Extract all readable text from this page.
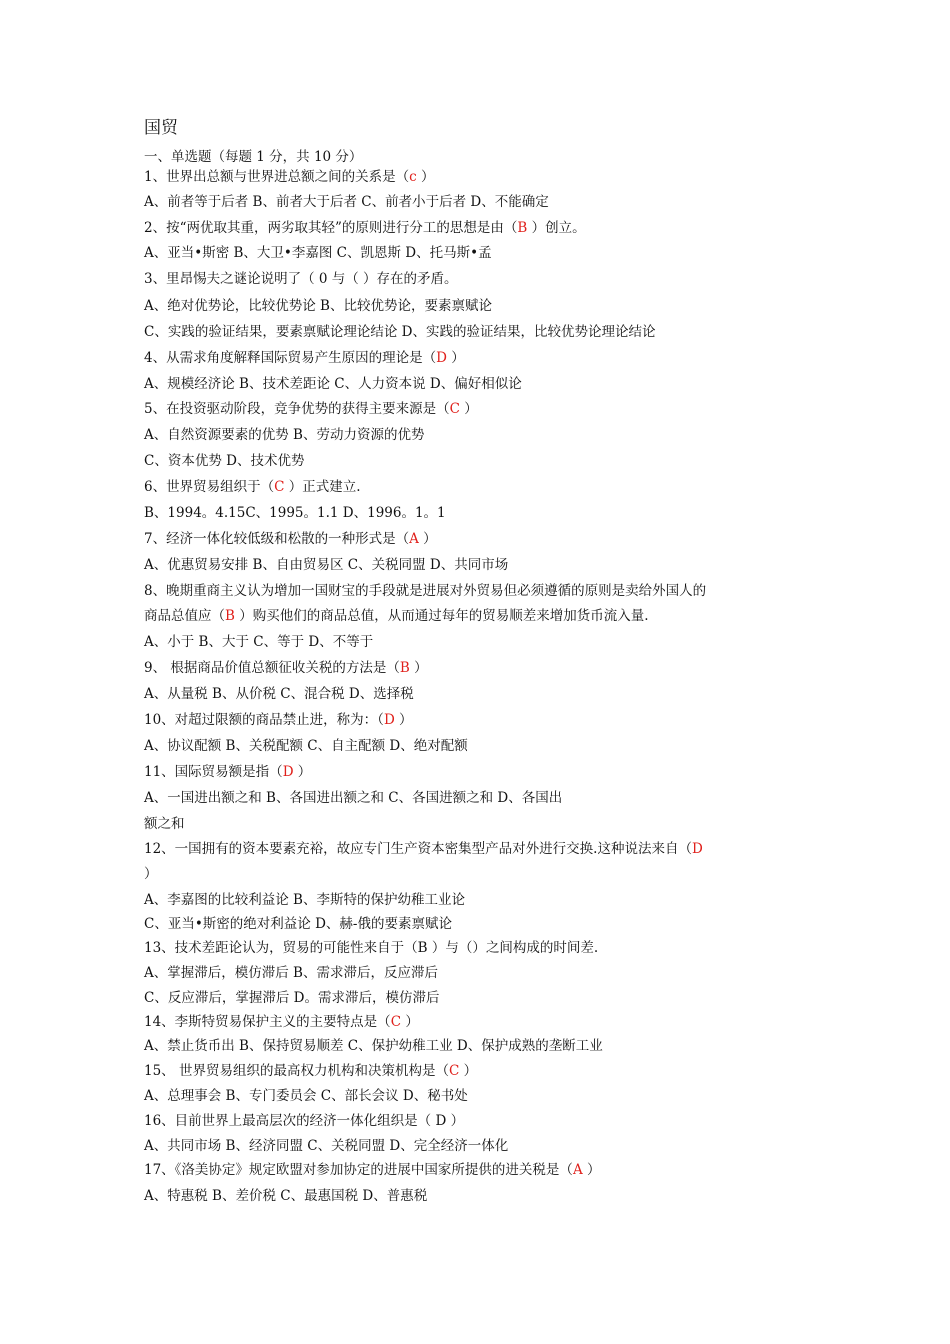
国贸
一、单选题（每题 1 分，共 10 分）
1、世界出总额与世界进总额之间的关系是（c ）
A、前者等于后者 B、前者大于后者 C、前者小于后者 D、不能确定
2、按“两优取其重，两劣取其轻”的原则进行分工的思想是由（B ）创立。
A、亚当•斯密 B、大卫•李嘉图 C、凯恩斯 D、托马斯•孟
3、里昂惕夫之谜论说明了（ 0 与（ ）存在的矛盾。
A、绝对优势论，比较优势论 B、比较优势论，要素禀赋论
C、实践的验证结果，要素禀赋论理论结论 D、实践的验证结果，比较优势论理论结论
4、从需求角度解释国际贸易产生原因的理论是（D ）
A、规模经济论 B、技术差距论 C、人力资本说 D、偏好相似论
5、在投资驱动阶段，竞争优势的获得主要来源是（C ）
A、自然资源要素的优势 B、劳动力资源的优势
C、资本优势 D、技术优势
6、世界贸易组织于（C ）正式建立.
B、1994。4.15C、1995。1.1 D、1996。1。1
7、经济一体化较低级和松散的一种形式是（A ）
A、优惠贸易安排 B、自由贸易区 C、关税同盟 D、共同市场
8、晚期重商主义认为增加一国财宝的手段就是进展对外贸易但必须遵循的原则是卖给外国人的
商品总值应（B ）购买他们的商品总值，从而通过每年的贸易顺差来增加货币流入量.
A、小于 B、大于 C、等于 D、不等于
9、 根据商品价值总额征收关税的方法是（B ）
A、从量税 B、从价税 C、混合税 D、选择税
10、对超过限额的商品禁止进，称为：（D ）
A、协议配额 B、关税配额 C、自主配额 D、绝对配额
11、国际贸易额是指（D ）
A、一国进出额之和 B、各国进出额之和 C、各国进额之和 D、各国出
额之和
12、一国拥有的资本要素充裕，故应专门生产资本密集型产品对外进行交换.这种说法来自（D
）
A、李嘉图的比较利益论 B、李斯特的保护幼稚工业论
C、亚当•斯密的绝对利益论 D、赫-俄的要素禀赋论
13、技术差距论认为，贸易的可能性来自于（B ）与（）之间构成的时间差.
A、掌握滞后，模仿滞后 B、需求滞后，反应滞后
C、反应滞后，掌握滞后 D。需求滞后，模仿滞后
14、李斯特贸易保护主义的主要特点是（C ）
A、禁止货币出 B、保持贸易顺差 C、保护幼稚工业 D、保护成熟的垄断工业
15、 世界贸易组织的最高权力机构和决策机构是（C ）
A、总理事会 B、专门委员会 C、部长会议 D、秘书处
16、目前世界上最高层次的经济一体化组织是（ D ）
A、共同市场 B、经济同盟 C、关税同盟 D、完全经济一体化
17、《洛美协定》规定欧盟对参加协定的进展中国家所提供的进关税是（A ）
A、特惠税 B、差价税 C、最惠国税 D、普惠税
